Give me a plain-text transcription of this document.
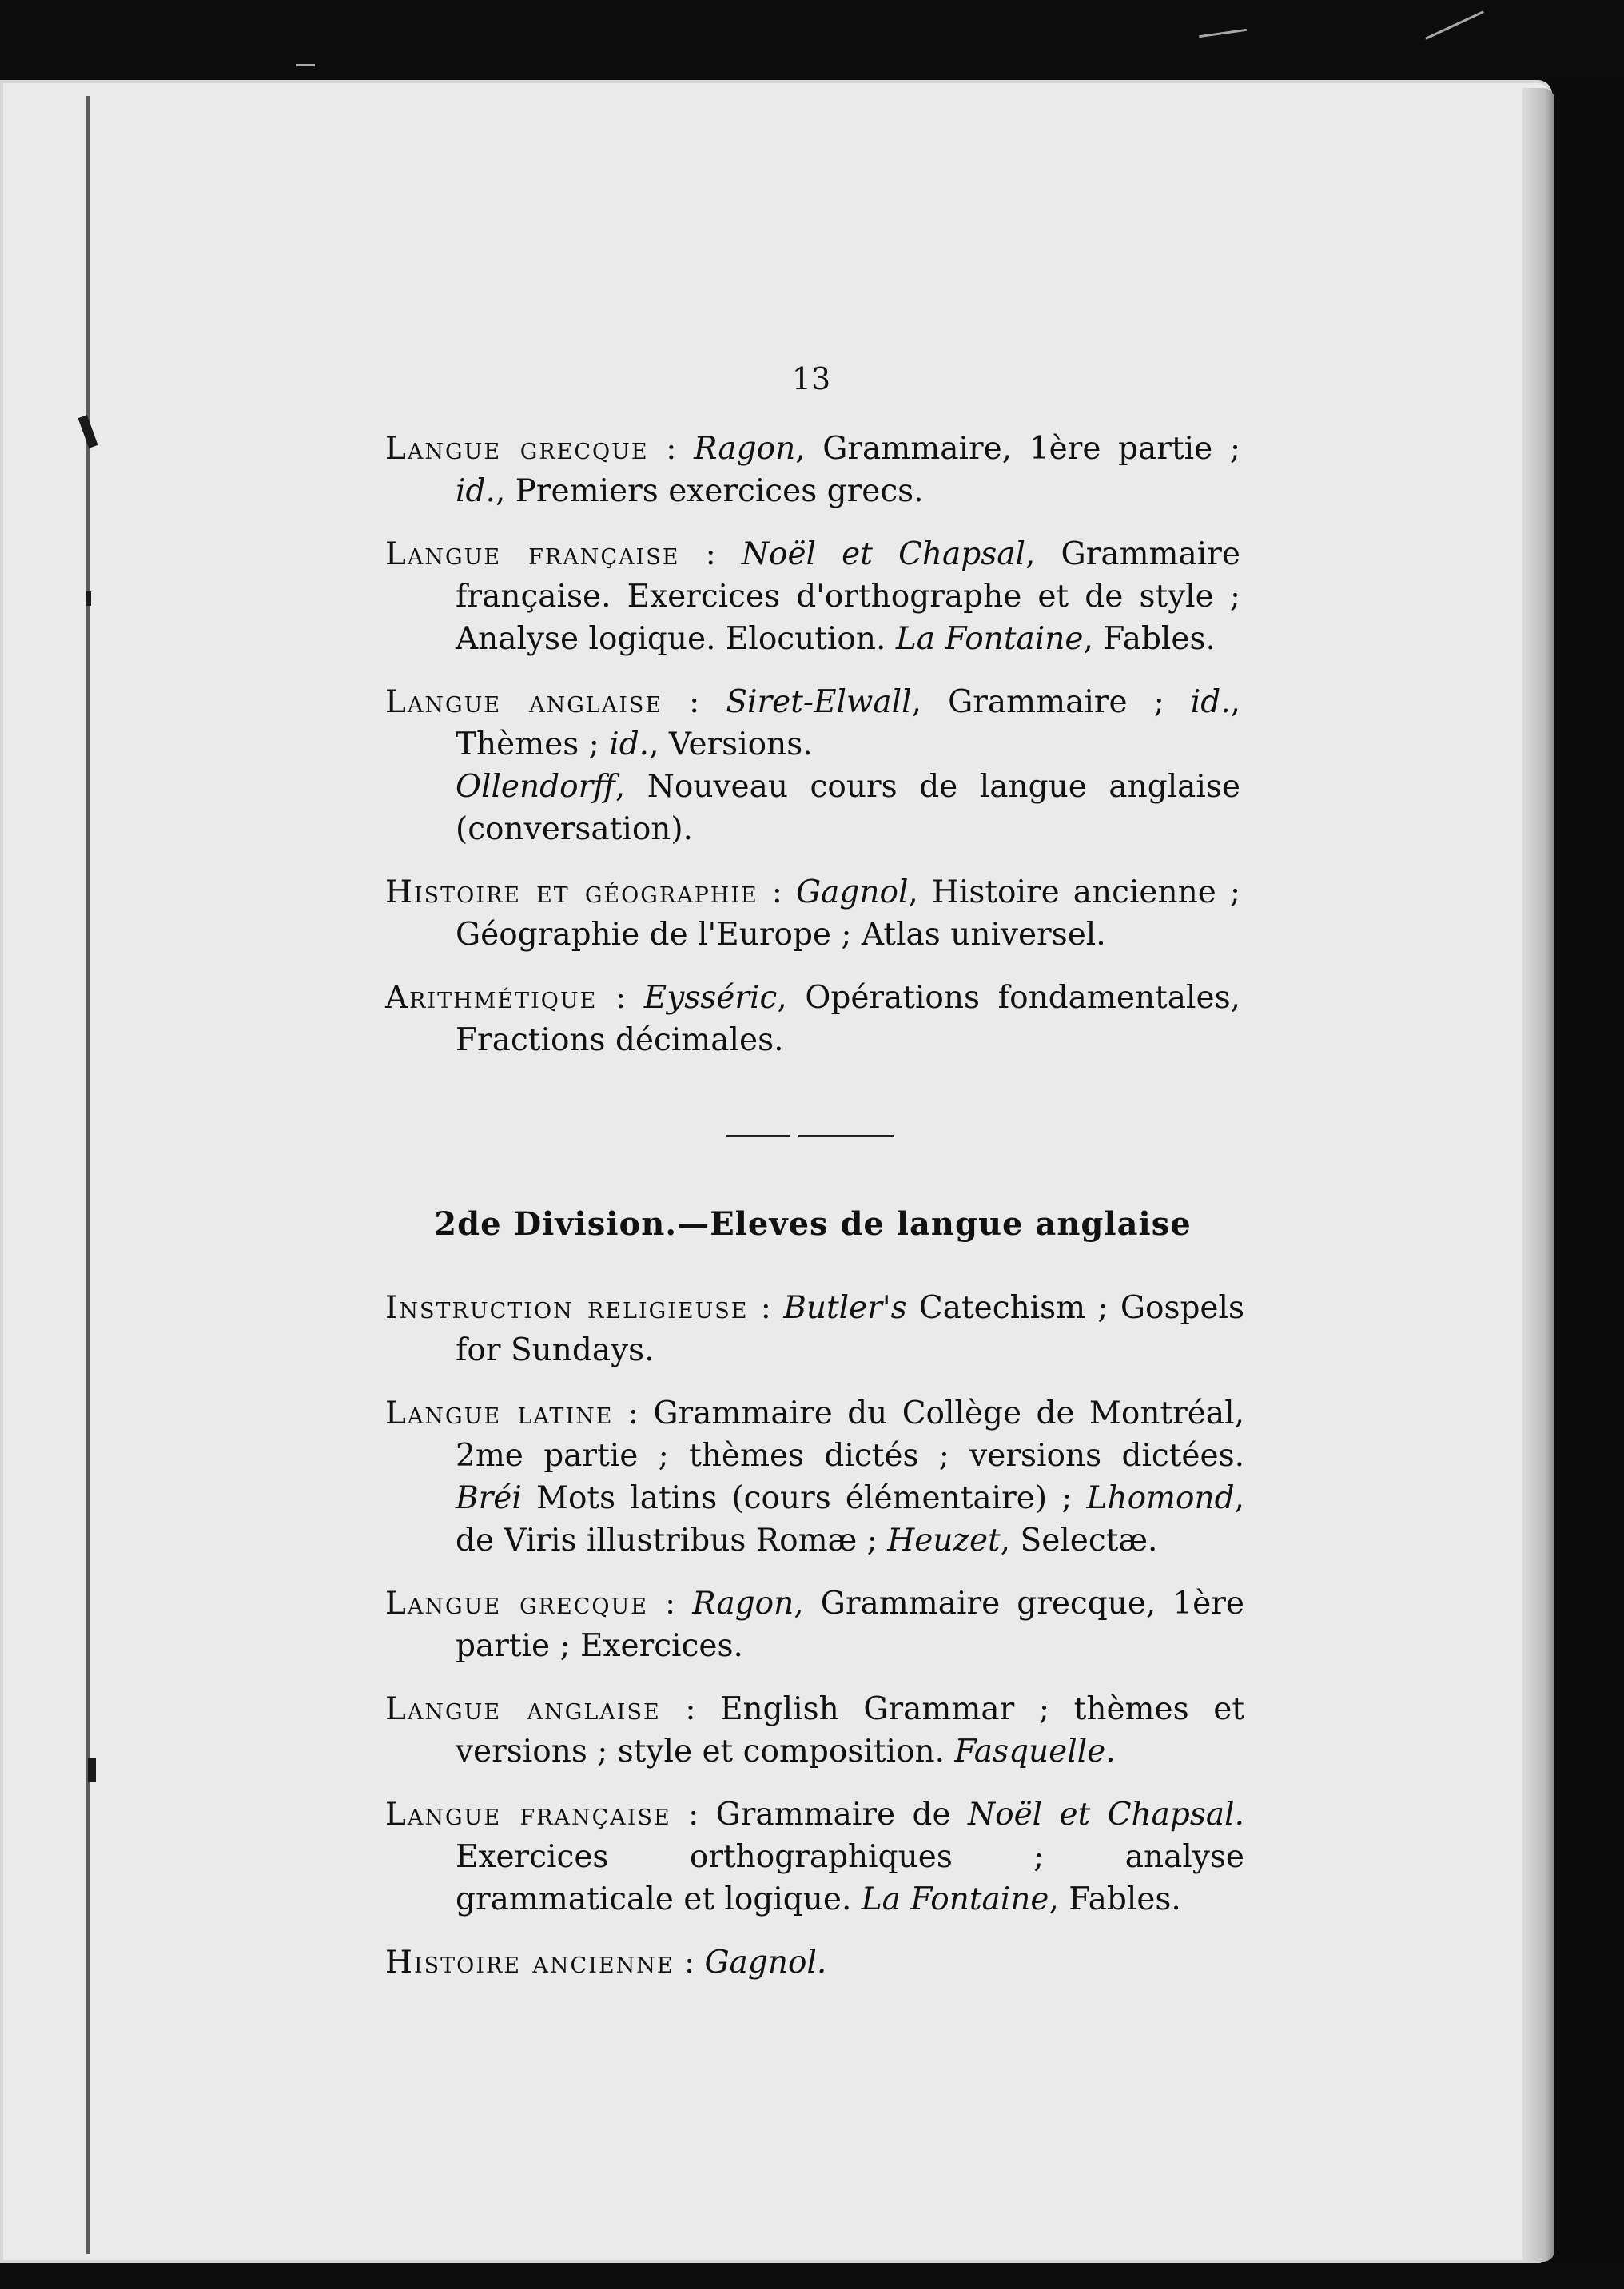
13
Langue grecque : Ragon, Grammaire, 1ère partie ; id., Premiers exercices grecs.
Langue française : Noël et Chapsal, Grammaire française. Exercices d'orthographe et de style ; Analyse logique. Elocution. La Fontaine, Fables.
Langue anglaise : Siret-Elwall, Grammaire ; id., Thèmes ; id., Versions.
Ollendorff, Nouveau cours de langue anglaise (conversation).
Histoire et géographie : Gagnol, Histoire ancienne ; Géographie de l'Europe ; Atlas universel.
Arithmétique : Eysséric, Opérations fondamentales, Fractions décimales.
2de Division.—Eleves de langue anglaise
Instruction religieuse : Butler's Catechism ; Gospels for Sundays.
Langue latine : Grammaire du Collège de Montréal, 2me partie ; thèmes dictés ; versions dictées. Bréi Mots latins (cours élémentaire) ; Lhomond, de Viris illustribus Romæ ; Heuzet, Selectæ.
Langue grecque : Ragon, Grammaire grecque, 1ère partie ; Exercices.
Langue anglaise : English Grammar ; thèmes et versions ; style et composition. Fasquelle.
Langue française : Grammaire de Noël et Chapsal. Exercices orthographiques ; analyse grammaticale et logique. La Fontaine, Fables.
Histoire ancienne : Gagnol.
